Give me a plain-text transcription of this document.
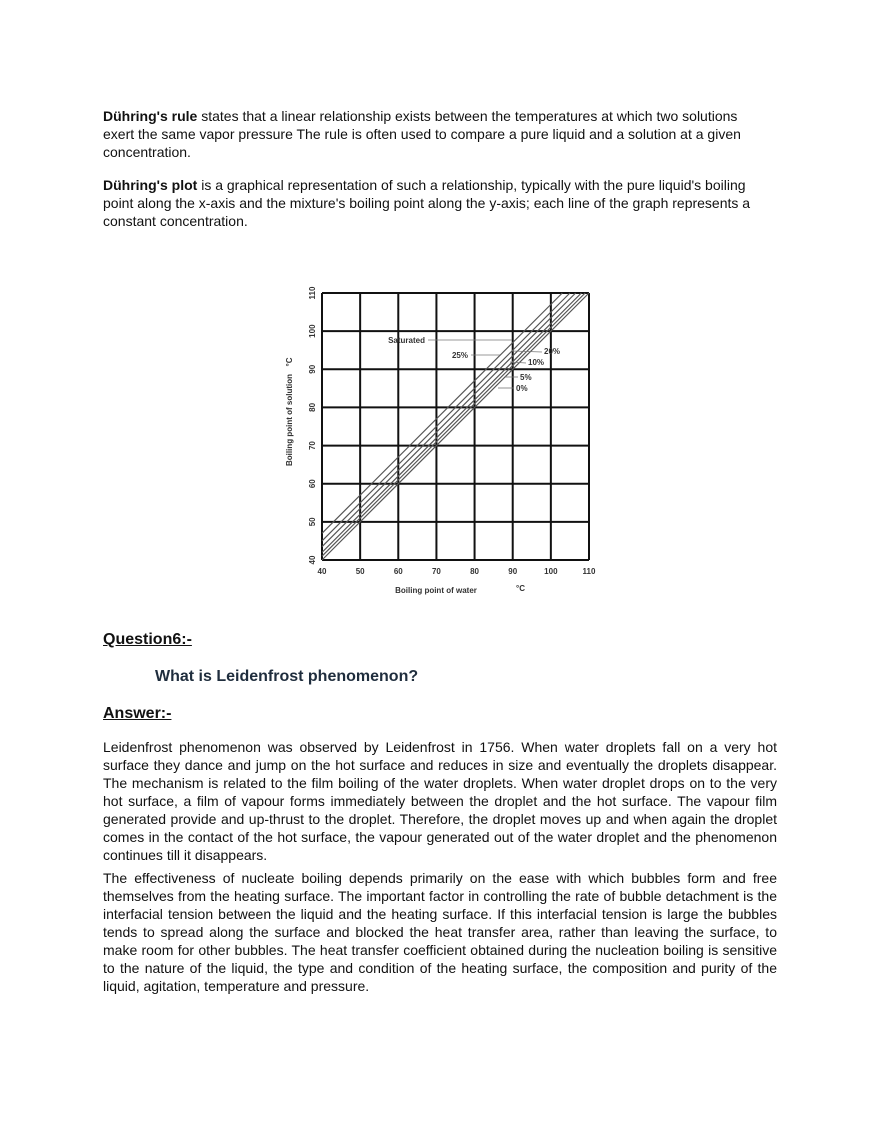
Dühring's rule states that a linear relationship exists between the temperatures at which two solutions exert the same vapor pressure The rule is often used to compare a pure liquid and a solution at a given concentration.

Dühring's plot is a graphical representation of such a relationship, typically with the pure liquid's boiling point along the x-axis and the mixture's boiling point along the y-axis; each line of the graph represents a constant concentration.

40	50	60	70	80	90	100	110
40
50
60
70
80
90
100
110
0%
5%
10%
20%
25%
Saturated
Boiling point of water	°C
Boiling point of solution
°C
Question6:-
What is Leidenfrost phenomenon?
Answer:-

Leidenfrost phenomenon was observed by Leidenfrost in 1756. When water droplets fall on a very hot surface they dance and jump on the hot surface and reduces in size and eventually the droplets disappear. The mechanism is related to the film boiling of the water droplets. When water droplet drops on to the very hot surface, a film of vapour forms immediately between the droplet and the hot surface. The vapour film generated provide and up-thrust to the droplet. Therefore, the droplet moves up and when again the droplet comes in the contact of the hot surface, the vapour generated out of the water droplet and the phenomenon continues till it disappears.

The effectiveness of nucleate boiling depends primarily on the ease with which bubbles form and free themselves from the heating surface. The important factor in controlling the rate of bubble detachment is the interfacial tension between the liquid and the heating surface. If this interfacial tension is large the bubbles tends to spread along the surface and blocked the heat transfer area, rather than leaving the surface, to make room for other bubbles. The heat transfer coefficient obtained during the nucleation boiling is sensitive to the nature of the liquid, the type and condition of the heating surface, the composition and purity of the liquid, agitation, temperature and pressure.
